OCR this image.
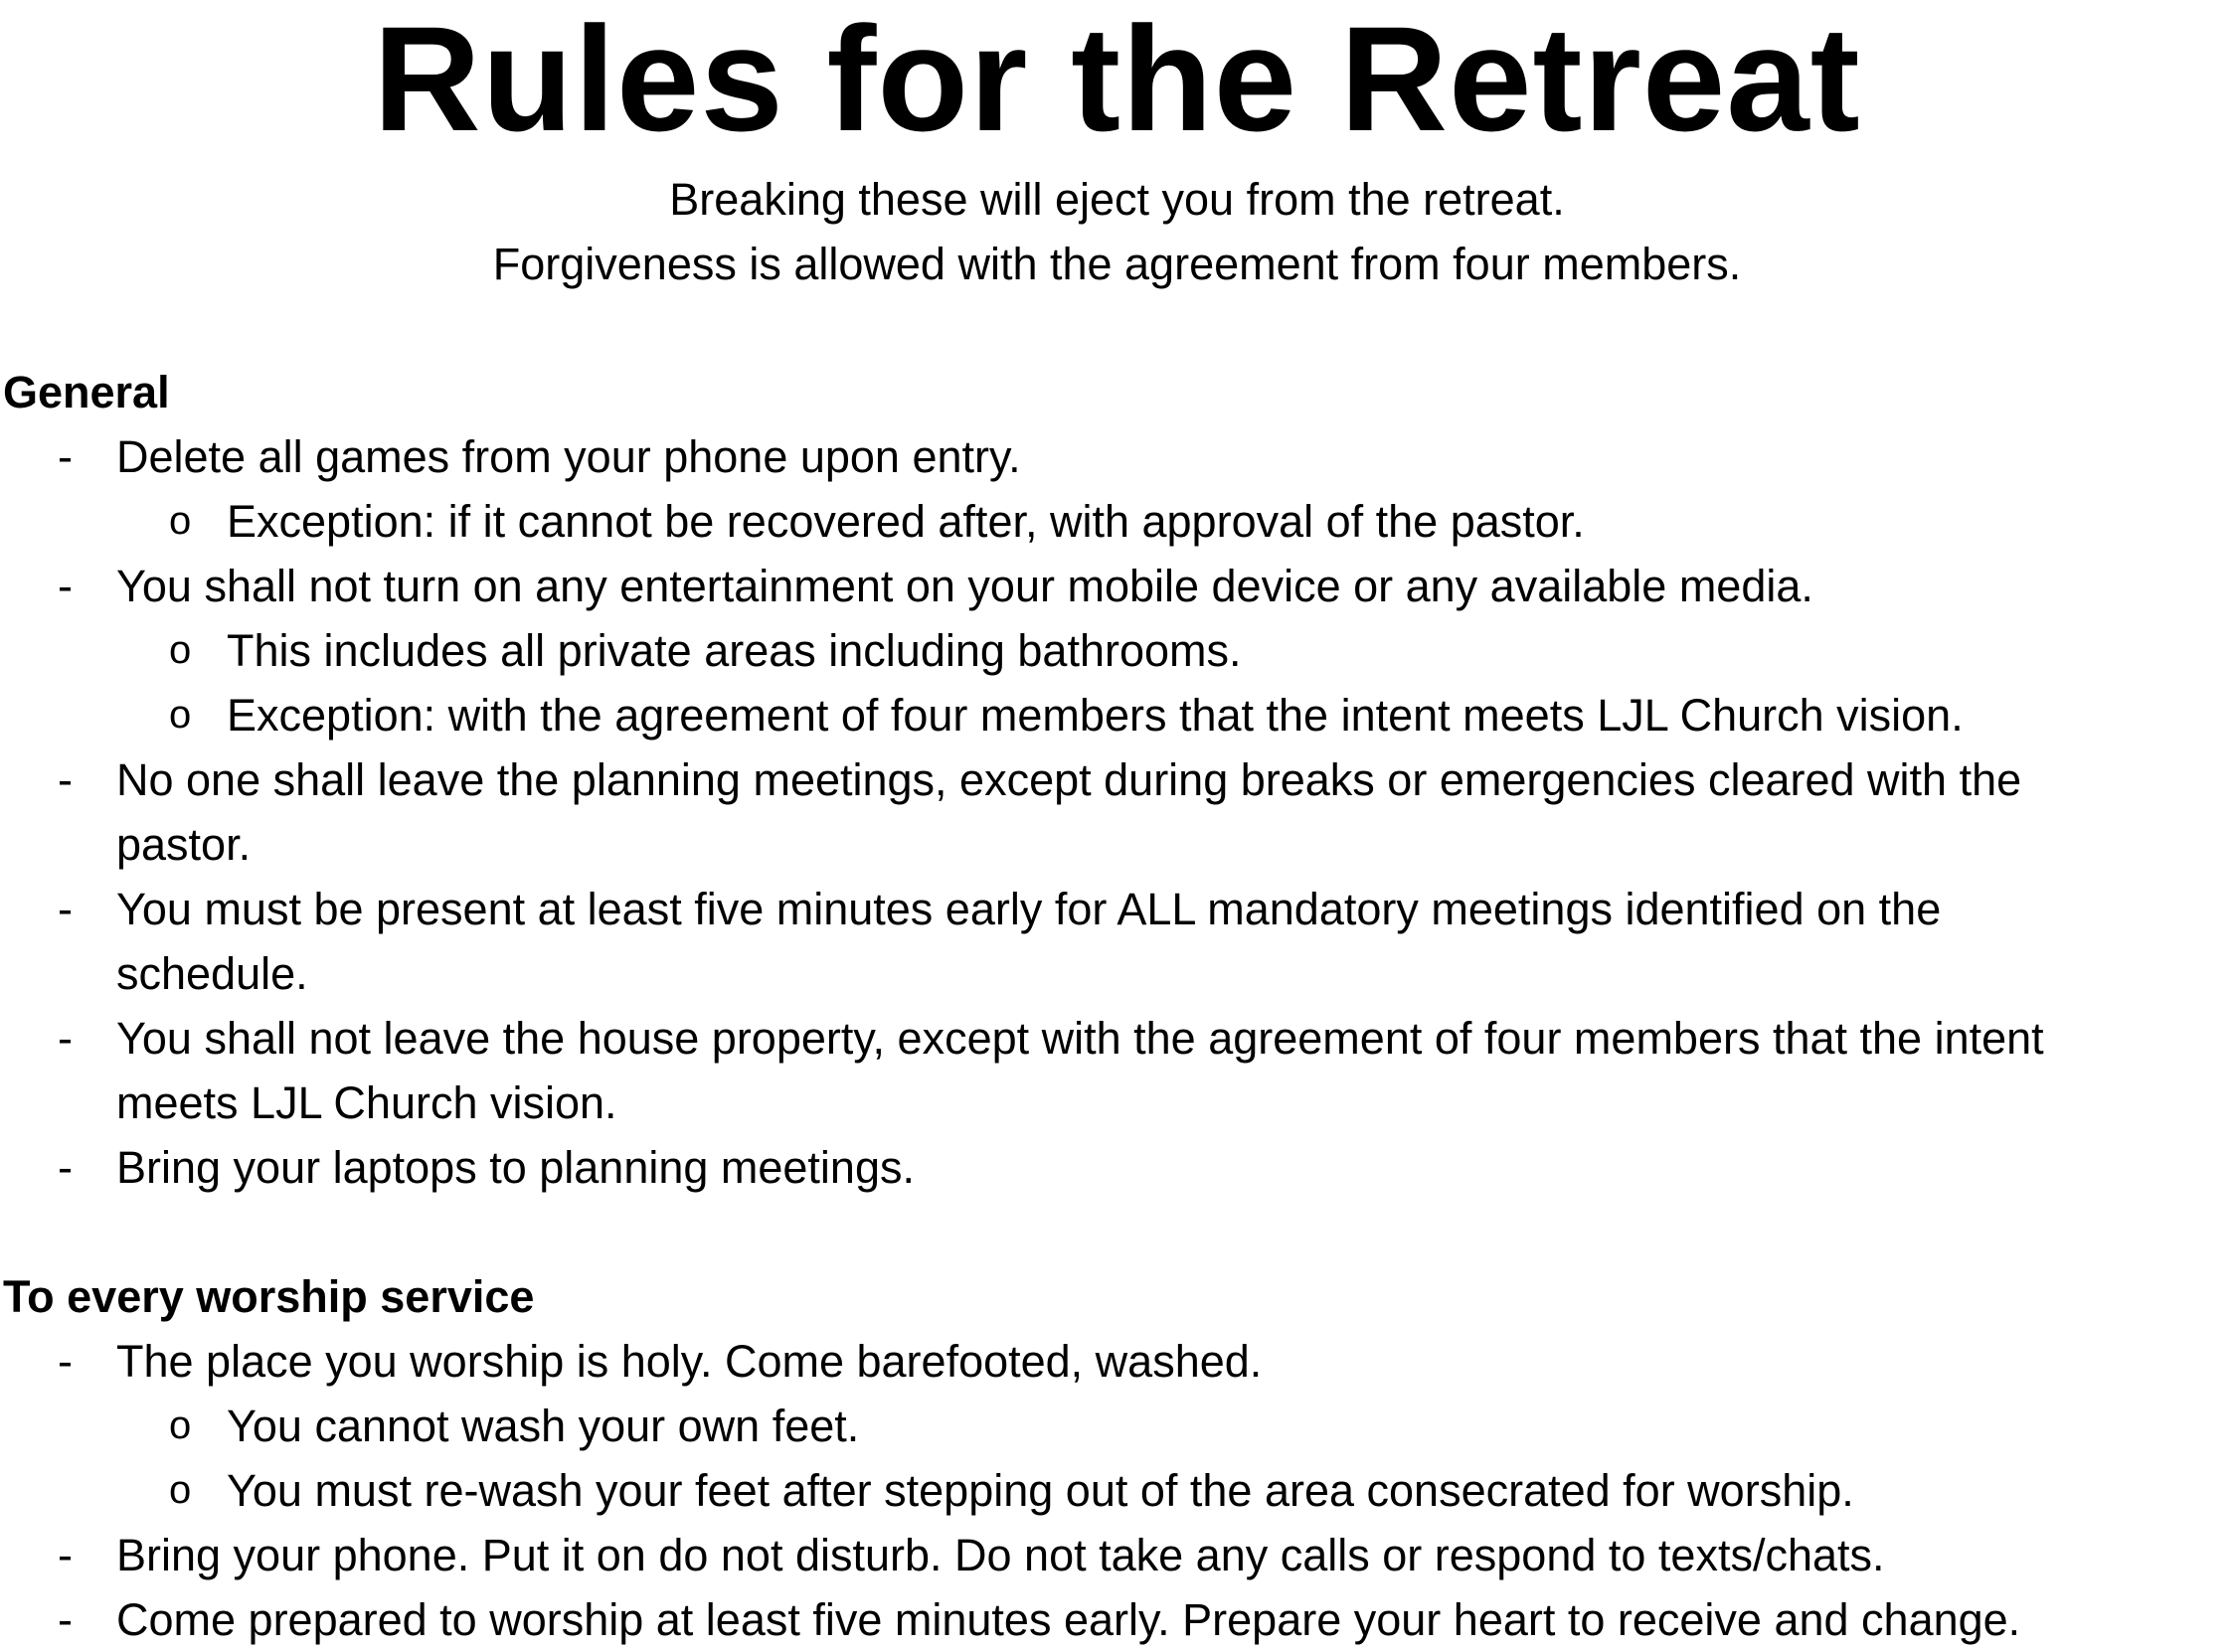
Rules for the Retreat
Breaking these will eject you from the retreat.
Forgiveness is allowed with the agreement from four members.
General
- Delete all games from your phone upon entry.
o Exception: if it cannot be recovered after, with approval of the pastor.
- You shall not turn on any entertainment on your mobile device or any available media.
o This includes all private areas including bathrooms.
o Exception: with the agreement of four members that the intent meets LJL Church vision.
- No one shall leave the planning meetings, except during breaks or emergencies cleared with the
pastor.
- You must be present at least five minutes early for ALL mandatory meetings identified on the
schedule.
- You shall not leave the house property, except with the agreement of four members that the intent
meets LJL Church vision.
- Bring your laptops to planning meetings.
To every worship service
- The place you worship is holy. Come barefooted, washed.
o You cannot wash your own feet.
o You must re-wash your feet after stepping out of the area consecrated for worship.
- Bring your phone. Put it on do not disturb. Do not take any calls or respond to texts/chats.
- Come prepared to worship at least five minutes early. Prepare your heart to receive and change.
